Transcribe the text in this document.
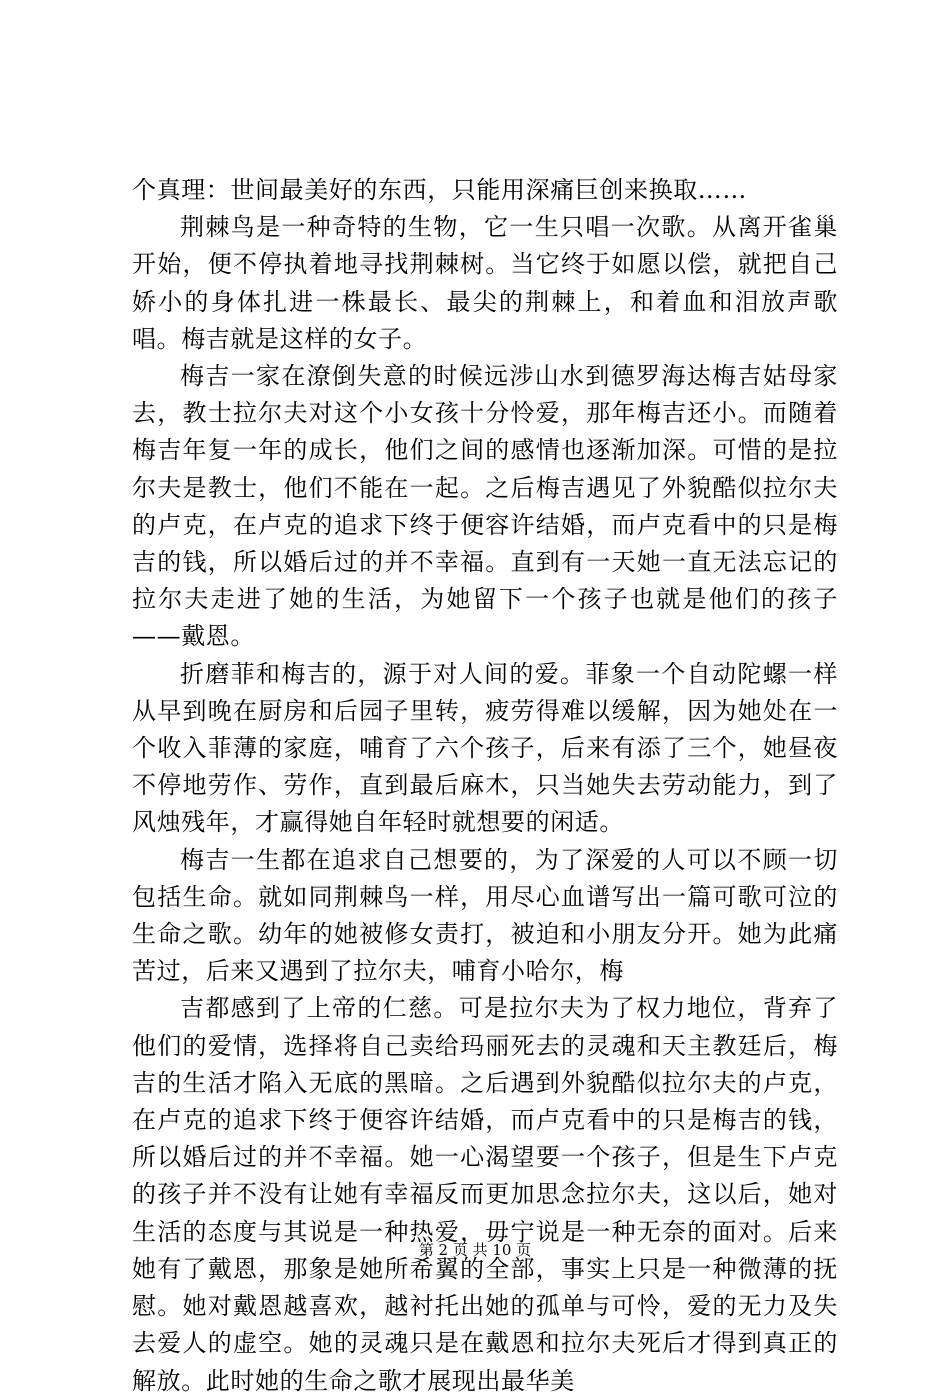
个真理：世间最美好的东西，只能用深痛巨创来换取……

荆棘鸟是一种奇特的生物，它一生只唱一次歌。从离开雀巢开始，便不停执着地寻找荆棘树。当它终于如愿以偿，就把自己娇小的身体扎进一株最长、最尖的荆棘上，和着血和泪放声歌唱。梅吉就是这样的女子。

梅吉一家在潦倒失意的时候远涉山水到德罗海达梅吉姑母家去，教士拉尔夫对这个小女孩十分怜爱，那年梅吉还小。而随着梅吉年复一年的成长，他们之间的感情也逐渐加深。可惜的是拉尔夫是教士，他们不能在一起。之后梅吉遇见了外貌酷似拉尔夫的卢克，在卢克的追求下终于便容许结婚，而卢克看中的只是梅吉的钱，所以婚后过的并不幸福。直到有一天她一直无法忘记的拉尔夫走进了她的生活，为她留下一个孩子也就是他们的孩子——戴恩。

折磨菲和梅吉的，源于对人间的爱。菲象一个自动陀螺一样从早到晚在厨房和后园子里转，疲劳得难以缓解，因为她处在一个收入菲薄的家庭，哺育了六个孩子，后来有添了三个，她昼夜不停地劳作、劳作，直到最后麻木，只当她失去劳动能力，到了风烛残年，才赢得她自年轻时就想要的闲适。

梅吉一生都在追求自己想要的，为了深爱的人可以不顾一切包括生命。就如同荆棘鸟一样，用尽心血谱写出一篇可歌可泣的生命之歌。幼年的她被修女责打，被迫和小朋友分开。她为此痛苦过，后来又遇到了拉尔夫，哺育小哈尔，梅

吉都感到了上帝的仁慈。可是拉尔夫为了权力地位，背弃了他们的爱情，选择将自己卖给玛丽死去的灵魂和天主教廷后，梅吉的生活才陷入无底的黑暗。之后遇到外貌酷似拉尔夫的卢克，在卢克的追求下终于便容许结婚，而卢克看中的只是梅吉的钱，所以婚后过的并不幸福。她一心渴望要一个孩子，但是生下卢克的孩子并不没有让她有幸福反而更加思念拉尔夫，这以后，她对生活的态度与其说是一种热爱，毋宁说是一种无奈的面对。后来她有了戴恩，那象是她所希翼的全部，事实上只是一种微薄的抚慰。她对戴恩越喜欢，越衬托出她的孤单与可怜，爱的无力及失去爱人的虚空。她的灵魂只是在戴恩和拉尔夫死后才得到真正的解放。此时她的生命之歌才展现出最华美

第 2 页 共 10 页
